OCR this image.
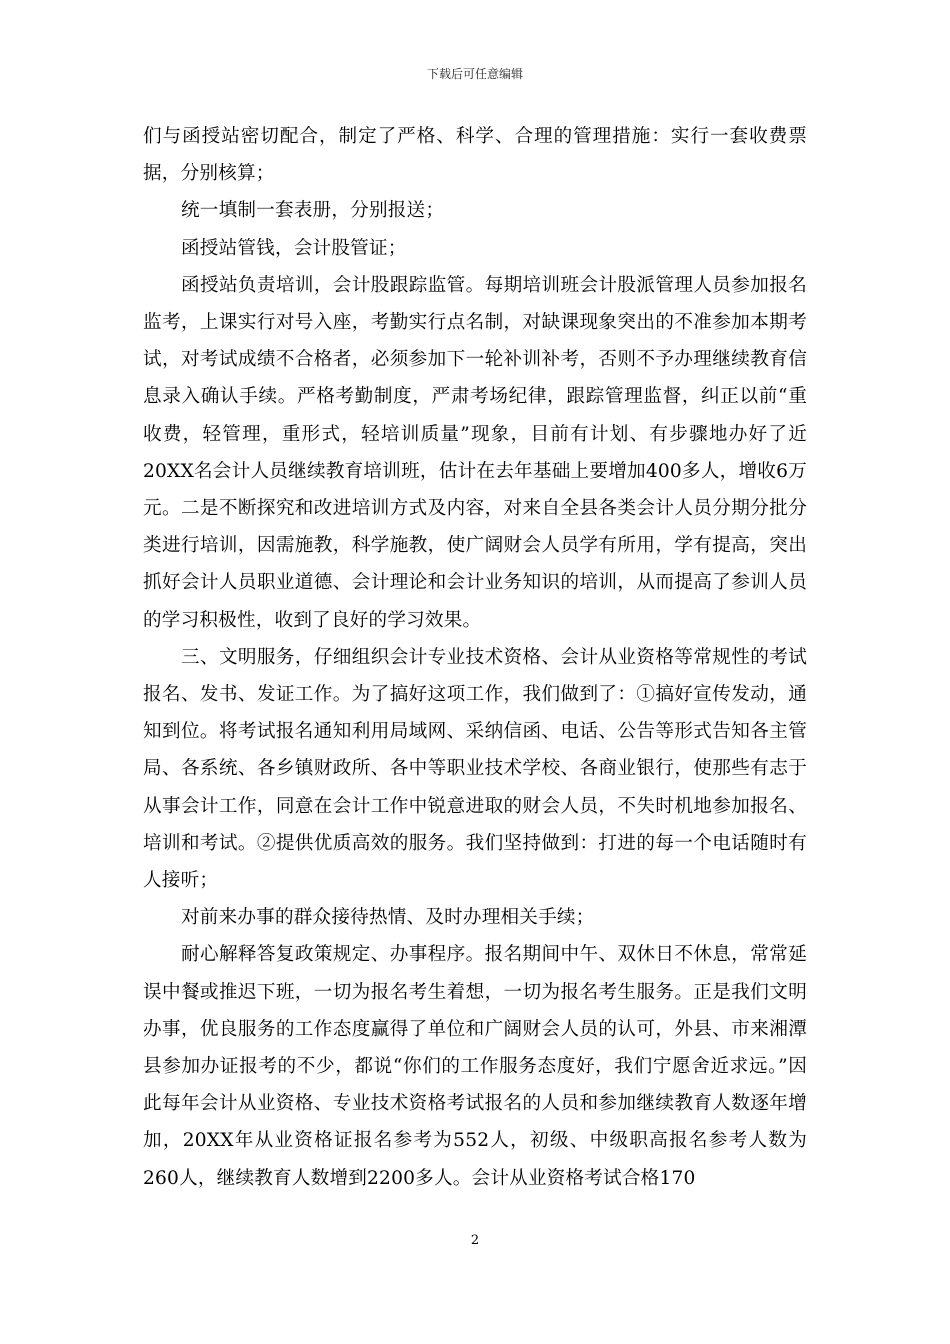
下载后可任意编辑

们与函授站密切配合，制定了严格、科学、合理的管理措施：实行一套收费票据，分别核算；

统一填制一套表册，分别报送；

函授站管钱，会计股管证；

函授站负责培训，会计股跟踪监管。每期培训班会计股派管理人员参加报名监考，上课实行对号入座，考勤实行点名制，对缺课现象突出的不准参加本期考试，对考试成绩不合格者，必须参加下一轮补训补考，否则不予办理继续教育信息录入确认手续。严格考勤制度，严肃考场纪律，跟踪管理监督，纠正以前“重收费，轻管理，重形式，轻培训质量”现象，目前有计划、有步骤地办好了近20XX名会计人员继续教育培训班，估计在去年基础上要增加400多人，增收6万元。二是不断探究和改进培训方式及内容，对来自全县各类会计人员分期分批分类进行培训，因需施教，科学施教，使广阔财会人员学有所用，学有提高，突出抓好会计人员职业道德、会计理论和会计业务知识的培训，从而提高了参训人员的学习积极性，收到了良好的学习效果。

三、文明服务，仔细组织会计专业技术资格、会计从业资格等常规性的考试报名、发书、发证工作。为了搞好这项工作，我们做到了：①搞好宣传发动，通知到位。将考试报名通知利用局域网、采纳信函、电话、公告等形式告知各主管局、各系统、各乡镇财政所、各中等职业技术学校、各商业银行，使那些有志于从事会计工作，同意在会计工作中锐意进取的财会人员，不失时机地参加报名、培训和考试。②提供优质高效的服务。我们坚持做到：打进的每一个电话随时有人接听；

对前来办事的群众接待热情、及时办理相关手续；

耐心解释答复政策规定、办事程序。报名期间中午、双休日不休息，常常延误中餐或推迟下班，一切为报名考生着想，一切为报名考生服务。正是我们文明办事，优良服务的工作态度赢得了单位和广阔财会人员的认可，外县、市来湘潭县参加办证报考的不少，都说“你们的工作服务态度好，我们宁愿舍近求远。”因此每年会计从业资格、专业技术资格考试报名的人员和参加继续教育人数逐年增加，20XX年从业资格证报名参考为552人，初级、中级职高报名参考人数为260人，继续教育人数增到2200多人。会计从业资格考试合格170

2
